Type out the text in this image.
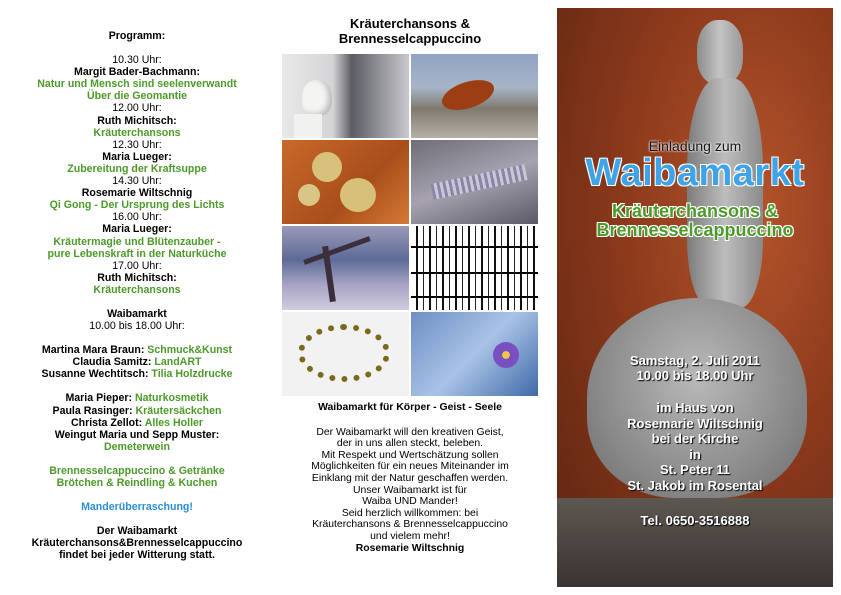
Programm:
10.30 Uhr:
Margit Bader-Bachmann:
Natur und Mensch sind seelenverwandt
Über die Geomantie
12.00 Uhr:
Ruth Michitsch:
Kräuterchansons
12.30 Uhr:
Maria Lueger:
Zubereitung der Kraftsuppe
14.30 Uhr:
Rosemarie Wiltschnig
Qi Gong - Der Ursprung des Lichts
16.00 Uhr:
Maria Lueger:
Kräutermagie und Blütenzauber -
pure Lebenskraft in der Naturküche
17.00 Uhr:
Ruth Michitsch:
Kräuterchansons
Waibamarkt
10.00 bis 18.00 Uhr:
Martina Mara Braun: Schmuck&Kunst
Claudia Samitz: LandART
Susanne Wechtitsch: Tilia Holzdrucke
Maria Pieper: Naturkosmetik
Paula Rasinger: Kräutersäckchen
Christa Zellot: Alles Holler
Weingut Maria und Sepp Muster:
Demeterwein
Brennesselcappuccino & Getränke
Brötchen & Reindling & Kuchen
Manderüberraschung!
Der Waibamarkt
Kräuterchansons&Brennesselcappuccino
findet bei jeder Witterung statt.
Kräuterchansons &
Brennesselcappuccino
Waibamarkt für Körper - Geist - Seele
Der Waibamarkt will den kreativen Geist,
der in uns allen steckt, beleben.
Mit Respekt und Wertschätzung sollen
Möglichkeiten für ein neues Miteinander im
Einklang mit der Natur geschaffen werden.
Unser Waibamarkt ist für
Waiba UND Mander!
Seid herzlich willkommen: bei
Kräuterchansons & Brennesselcappuccino
und vielem mehr!
Rosemarie Wiltschnig
Einladung zum
Waibamarkt
Kräuterchansons &
Brennesselcappuccino
Samstag, 2. Juli 2011
10.00 bis 18.00 Uhr
im Haus von
Rosemarie Wiltschnig
bei der Kirche
in
St. Peter 11
St. Jakob im Rosental
Tel. 0650-3516888
